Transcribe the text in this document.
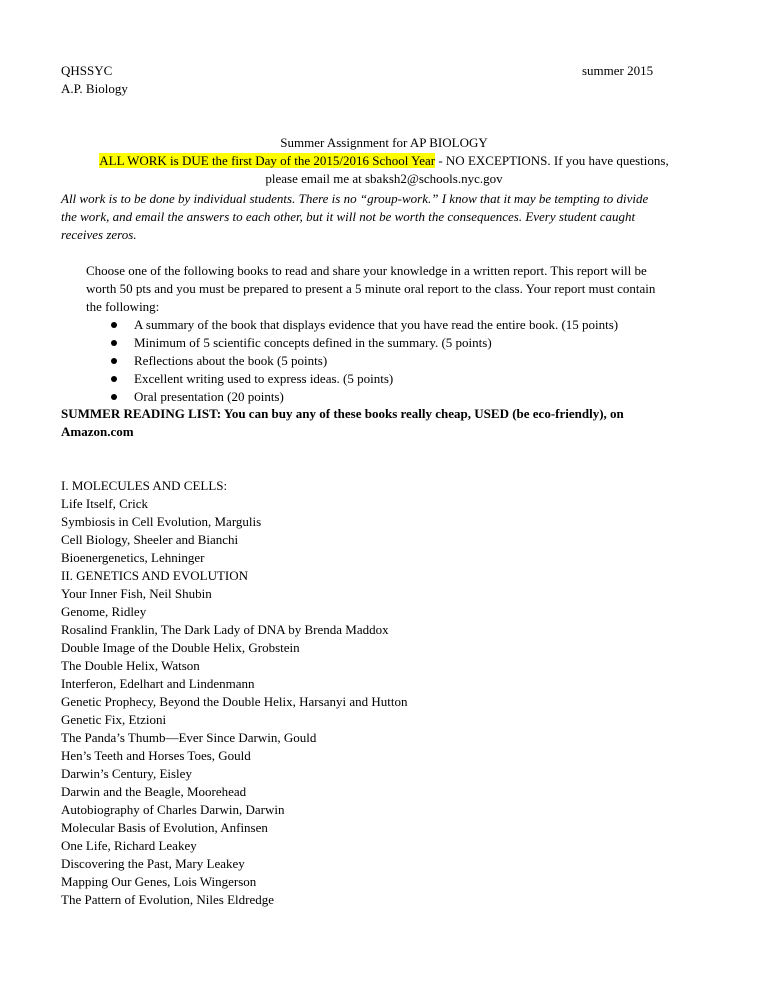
QHSSYC
A.P. Biology
summer 2015
Summer Assignment for AP BIOLOGY
ALL WORK is DUE the first Day of the 2015/2016 School Year - NO EXCEPTIONS. If you have questions,
please email me at sbaksh2@schools.nyc.gov
All work is to be done by individual students. There is no “group-work.” I know that it may be tempting to divide
the work, and email the answers to each other, but it will not be worth the consequences. Every student caught
receives zeros.
Choose one of the following books to read and share your knowledge in a written report. This report will be
worth 50 pts and you must be prepared to present a 5 minute oral report to the class. Your report must contain
the following:
A summary of the book that displays evidence that you have read the entire book. (15 points)
Minimum of 5 scientific concepts defined in the summary. (5 points)
Reflections about the book (5 points)
Excellent writing used to express ideas. (5 points)
Oral presentation (20 points)
SUMMER READING LIST: You can buy any of these books really cheap, USED (be eco-friendly), on
Amazon.com
I. MOLECULES AND CELLS:
Life Itself, Crick
Symbiosis in Cell Evolution, Margulis
Cell Biology, Sheeler and Bianchi
Bioenergenetics, Lehninger
II. GENETICS AND EVOLUTION
Your Inner Fish, Neil Shubin
Genome, Ridley
Rosalind Franklin, The Dark Lady of DNA by Brenda Maddox
Double Image of the Double Helix, Grobstein
The Double Helix, Watson
Interferon, Edelhart and Lindenmann
Genetic Prophecy, Beyond the Double Helix, Harsanyi and Hutton
Genetic Fix, Etzioni
The Panda’s Thumb—Ever Since Darwin, Gould
Hen’s Teeth and Horses Toes, Gould
Darwin’s Century, Eisley
Darwin and the Beagle, Moorehead
Autobiography of Charles Darwin, Darwin
Molecular Basis of Evolution, Anfinsen
One Life, Richard Leakey
Discovering the Past, Mary Leakey
Mapping Our Genes, Lois Wingerson
The Pattern of Evolution, Niles Eldredge
